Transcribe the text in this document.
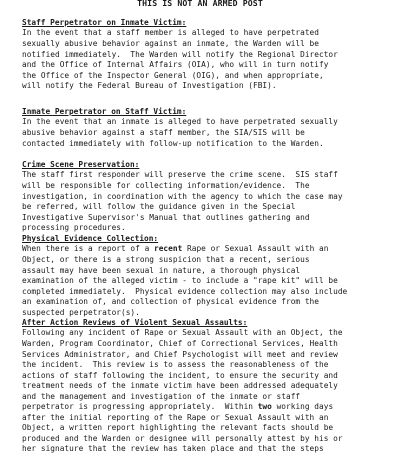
THIS IS NOT AN ARMED POST
Staff Perpetrator on Inmate Victim:
In the event that a staff member is alleged to have perpetrated
sexually abusive behavior against an inmate, the Warden will be
notified immediately.  The Warden will notify the Regional Director
and the Office of Internal Affairs (OIA), who will in turn notify
the Office of the Inspector General (OIG), and when appropriate,
will notify the Federal Bureau of Investigation (FBI).
Inmate Perpetrator on Staff Victim:
In the event that an inmate is alleged to have perpetrated sexually
abusive behavior against a staff member, the SIA/SIS will be
contacted immediately with follow-up notification to the Warden.
Crime Scene Preservation:
The staff first responder will preserve the crime scene.  SIS staff
will be responsible for collecting information/evidence.  The
investigation, in coordination with the agency to which the case may
be referred, will follow the guidance given in the Special
Investigative Supervisor's Manual that outlines gathering and
processing procedures.
Physical Evidence Collection:
When there is a report of a recent Rape or Sexual Assault with an
Object, or there is a strong suspicion that a recent, serious
assault may have been sexual in nature, a thorough physical
examination of the alleged victim - to include a "rape kit" will be
completed immediately.  Physical evidence collection may also include
an examination of, and collection of physical evidence from the
suspected perpetrator(s).
After Action Reviews of Violent Sexual Assaults:
Following any incident of Rape or Sexual Assault with an Object, the
Warden, Program Coordinator, Chief of Correctional Services, Health
Services Administrator, and Chief Psychologist will meet and review
the incident.  This review is to assess the reasonableness of the
actions of staff following the incident, to ensure the security and
treatment needs of the inmate victim have been addressed adequately
and the management and investigation of the inmate or staff
perpetrator is progressing appropriately.  Within two working days
after the initial reporting of the Rape or Sexual Assault with an
Object, a written report highlighting the relevant facts should be
produced and the Warden or designee will personally attest by his or
her signature that the review has taken place and that the steps
